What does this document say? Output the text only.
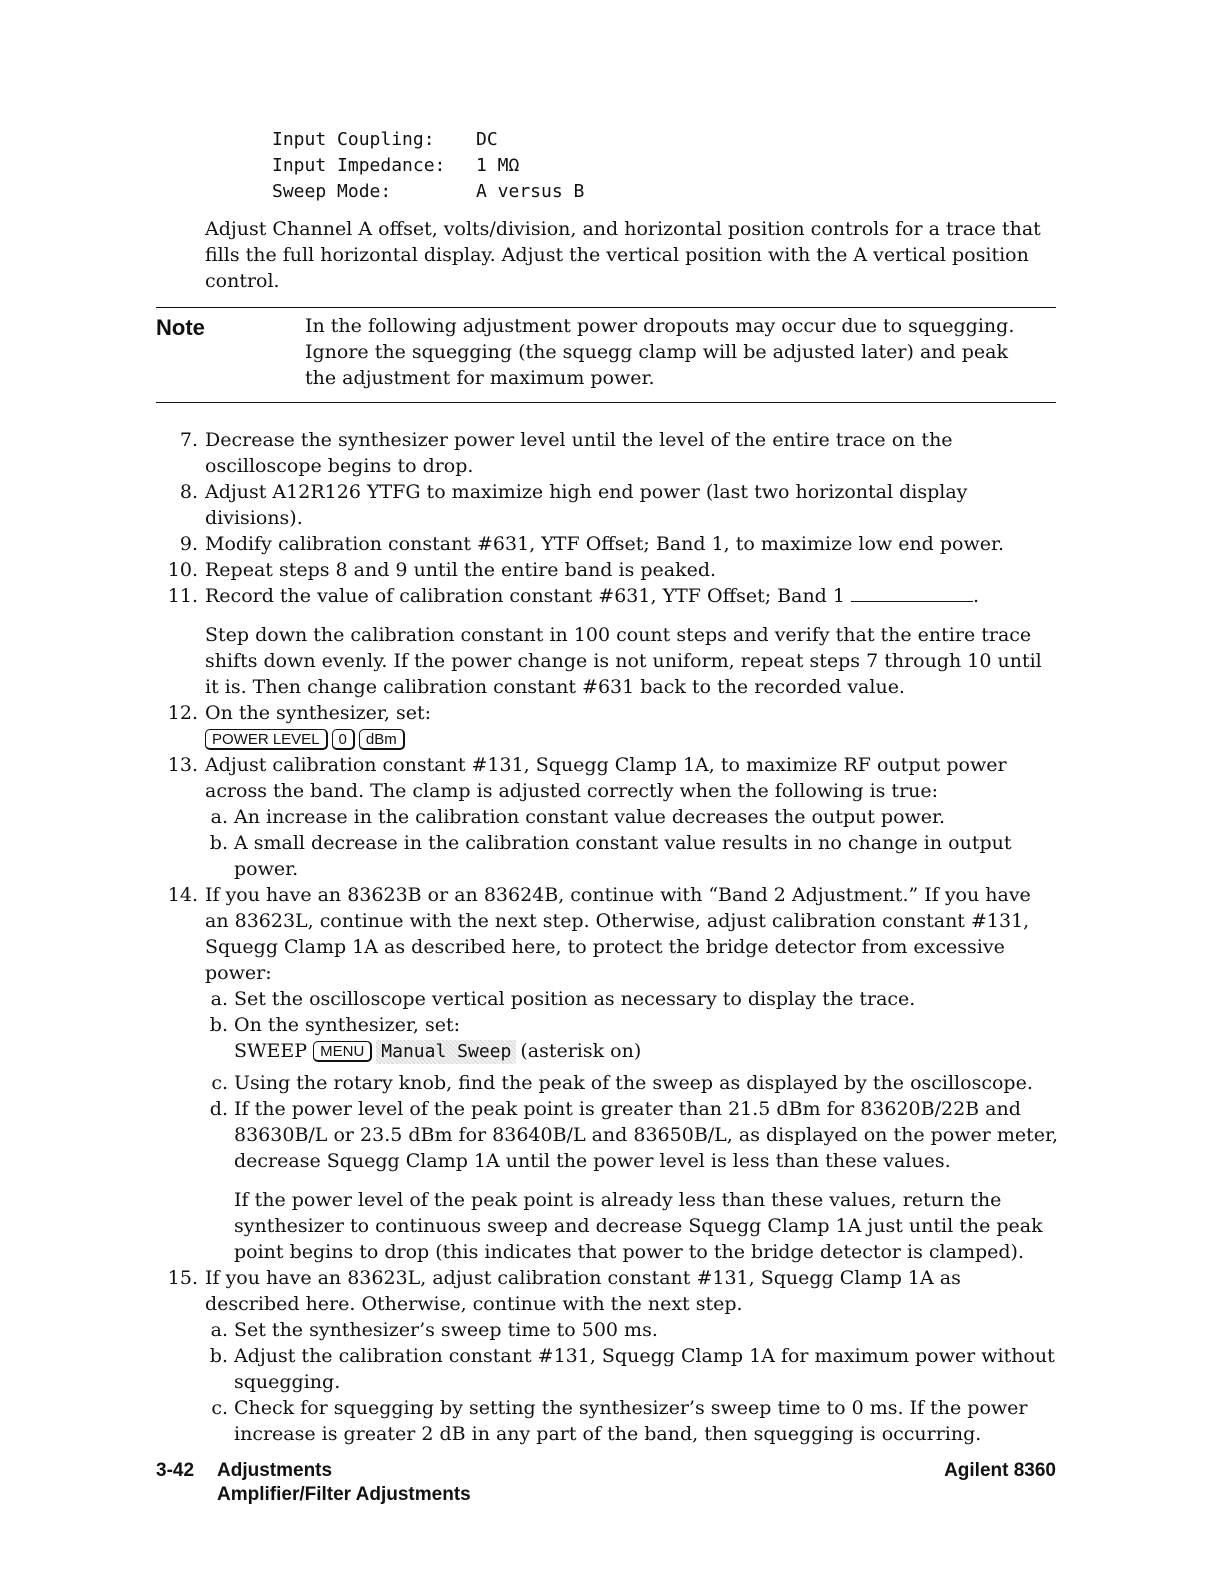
Input Coupling:	DC
Input Impedance:	1 MΩ
Sweep Mode:	A versus B
Adjust Channel A offset, volts/division, and horizontal position controls for a trace that fills the full horizontal display. Adjust the vertical position with the A vertical position control.
Note	In the following adjustment power dropouts may occur due to squegging. Ignore the squegging (the squegg clamp will be adjusted later) and peak the adjustment for maximum power.
7. Decrease the synthesizer power level until the level of the entire trace on the oscilloscope begins to drop.
8. Adjust A12R126 YTFG to maximize high end power (last two horizontal display divisions).
9. Modify calibration constant #631, YTF Offset; Band 1, to maximize low end power.
10. Repeat steps 8 and 9 until the entire band is peaked.
11. Record the value of calibration constant #631, YTF Offset; Band 1	.
Step down the calibration constant in 100 count steps and verify that the entire trace shifts down evenly. If the power change is not uniform, repeat steps 7 through 10 until it is. Then change calibration constant #631 back to the recorded value.
12. On the synthesizer, set:
POWER LEVEL 0 dBm
13. Adjust calibration constant #131, Squegg Clamp 1A, to maximize RF output power across the band. The clamp is adjusted correctly when the following is true:
a. An increase in the calibration constant value decreases the output power.
b. A small decrease in the calibration constant value results in no change in output power.
14. If you have an 83623B or an 83624B, continue with “Band 2 Adjustment.” If you have an 83623L, continue with the next step. Otherwise, adjust calibration constant #131, Squegg Clamp 1A as described here, to protect the bridge detector from excessive power:
a. Set the oscilloscope vertical position as necessary to display the trace.
b. On the synthesizer, set:
SWEEP MENU Manual Sweep (asterisk on)
c. Using the rotary knob, find the peak of the sweep as displayed by the oscilloscope.
d. If the power level of the peak point is greater than 21.5 dBm for 83620B/22B and 83630B/L or 23.5 dBm for 83640B/L and 83650B/L, as displayed on the power meter, decrease Squegg Clamp 1A until the power level is less than these values.
If the power level of the peak point is already less than these values, return the synthesizer to continuous sweep and decrease Squegg Clamp 1A just until the peak point begins to drop (this indicates that power to the bridge detector is clamped).
15. If you have an 83623L, adjust calibration constant #131, Squegg Clamp 1A as described here. Otherwise, continue with the next step.
a. Set the synthesizer’s sweep time to 500 ms.
b. Adjust the calibration constant #131, Squegg Clamp 1A for maximum power without squegging.
c. Check for squegging by setting the synthesizer’s sweep time to 0 ms. If the power increase is greater 2 dB in any part of the band, then squegging is occurring.
3-42 Adjustments
Amplifier/Filter Adjustments
Agilent 8360
